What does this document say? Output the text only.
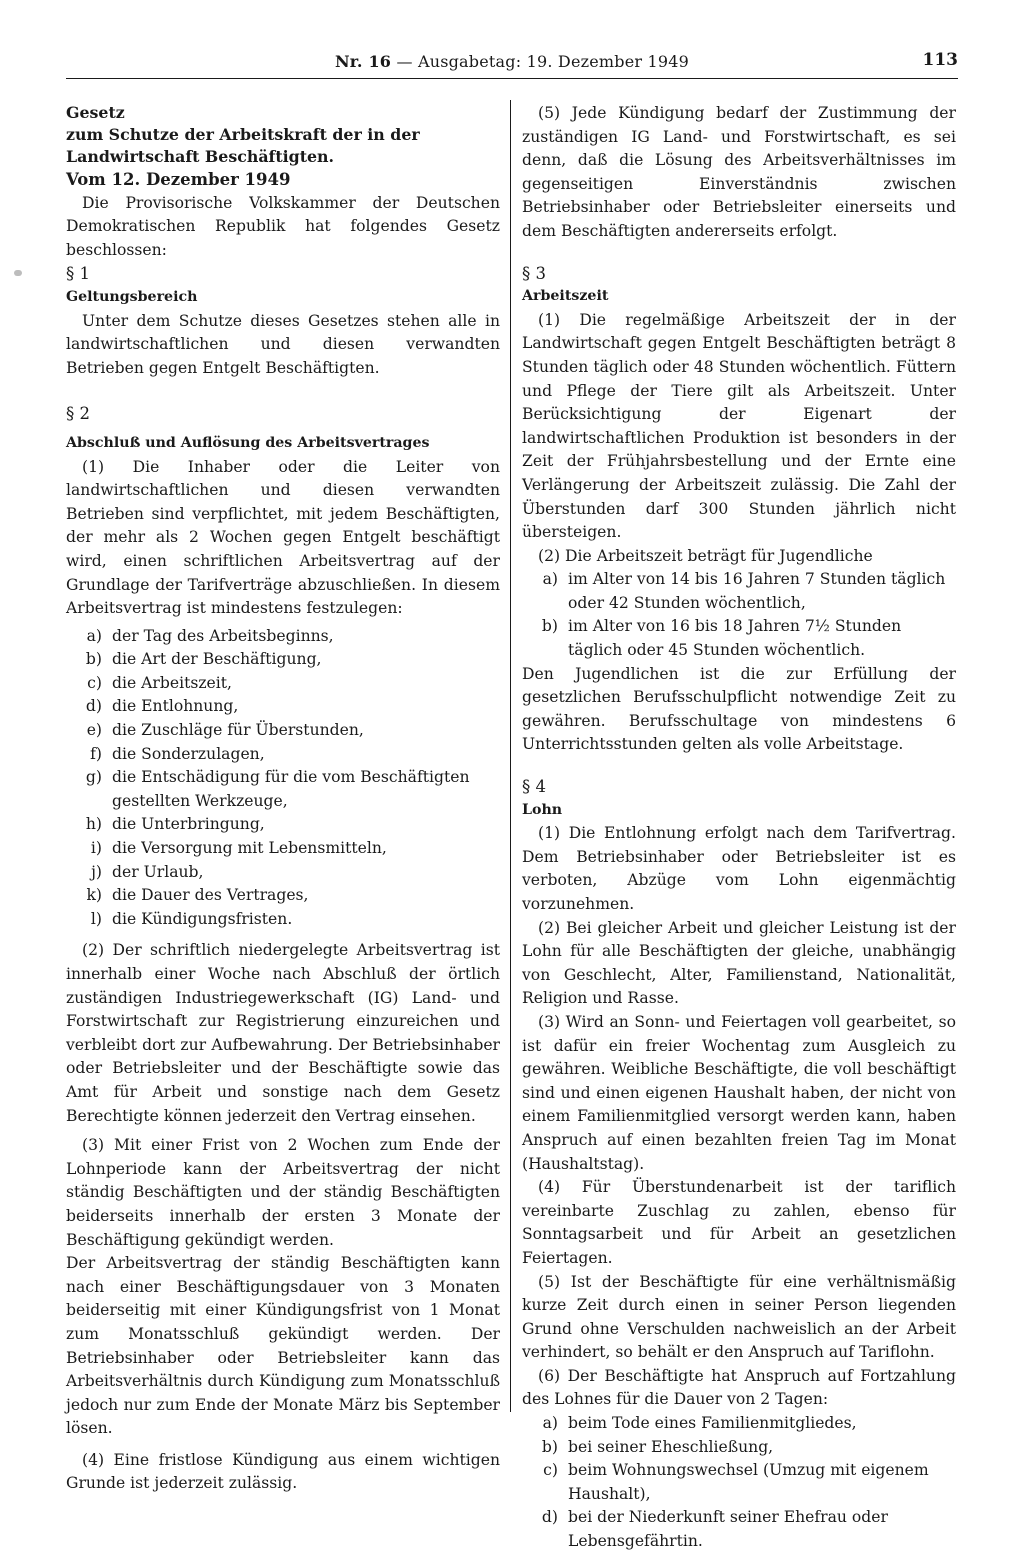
Nr. 16 — Ausgabetag: 19. Dezember 1949	113

Gesetz

zum Schutze der Arbeitskraft der in der

Landwirtschaft Beschäftigten.

Vom 12. Dezember 1949

Die Provisorische Volkskammer der Deutschen Demokratischen Republik hat folgendes Gesetz beschlossen:

§ 1

Geltungsbereich

Unter dem Schutze dieses Gesetzes stehen alle in landwirtschaftlichen und diesen verwandten Betrieben gegen Entgelt Beschäftigten.

§ 2

Abschluß und Auflösung des Arbeitsvertrages

(1) Die Inhaber oder die Leiter von landwirtschaftlichen und diesen verwandten Betrieben sind verpflichtet, mit jedem Beschäftigten, der mehr als 2 Wochen gegen Entgelt beschäftigt wird, einen schriftlichen Arbeitsvertrag auf der Grundlage der Tarifverträge abzuschließen. In diesem Arbeitsvertrag ist mindestens festzulegen:

a) der Tag des Arbeitsbeginns,
b) die Art der Beschäftigung,
c) die Arbeitszeit,
d) die Entlohnung,
e) die Zuschläge für Überstunden,
f) die Sonderzulagen,
g) die Entschädigung für die vom Beschäftigten gestellten Werkzeuge,
h) die Unterbringung,
i) die Versorgung mit Lebensmitteln,
j) der Urlaub,
k) die Dauer des Vertrages,
l) die Kündigungsfristen.

(2) Der schriftlich niedergelegte Arbeitsvertrag ist innerhalb einer Woche nach Abschluß der örtlich zuständigen Industriegewerkschaft (IG) Land- und Forstwirtschaft zur Registrierung einzureichen und verbleibt dort zur Aufbewahrung. Der Betriebsinhaber oder Betriebsleiter und der Beschäftigte sowie das Amt für Arbeit und sonstige nach dem Gesetz Berechtigte können jederzeit den Vertrag einsehen.

(3) Mit einer Frist von 2 Wochen zum Ende der Lohnperiode kann der Arbeitsvertrag der nicht ständig Beschäftigten und der ständig Beschäftigten beiderseits innerhalb der ersten 3 Monate der Beschäftigung gekündigt werden.

Der Arbeitsvertrag der ständig Beschäftigten kann nach einer Beschäftigungsdauer von 3 Monaten beiderseitig mit einer Kündigungsfrist von 1 Monat zum Monatsschluß gekündigt werden. Der Betriebsinhaber oder Betriebsleiter kann das Arbeitsverhältnis durch Kündigung zum Monatsschluß jedoch nur zum Ende der Monate März bis September lösen.

(4) Eine fristlose Kündigung aus einem wichtigen Grunde ist jederzeit zulässig.

(5) Jede Kündigung bedarf der Zustimmung der zuständigen IG Land- und Forstwirtschaft, es sei denn, daß die Lösung des Arbeitsverhältnisses im gegenseitigen Einverständnis zwischen Betriebsinhaber oder Betriebsleiter einerseits und dem Beschäftigten andererseits erfolgt.

§ 3

Arbeitszeit

(1) Die regelmäßige Arbeitszeit der in der Landwirtschaft gegen Entgelt Beschäftigten beträgt 8 Stunden täglich oder 48 Stunden wöchentlich. Füttern und Pflege der Tiere gilt als Arbeitszeit. Unter Berücksichtigung der Eigenart der landwirtschaftlichen Produktion ist besonders in der Zeit der Frühjahrsbestellung und der Ernte eine Verlängerung der Arbeitszeit zulässig. Die Zahl der Überstunden darf 300 Stunden jährlich nicht übersteigen.

(2) Die Arbeitszeit beträgt für Jugendliche

a) im Alter von 14 bis 16 Jahren 7 Stunden täglich oder 42 Stunden wöchentlich,
b) im Alter von 16 bis 18 Jahren 7½ Stunden täglich oder 45 Stunden wöchentlich.

Den Jugendlichen ist die zur Erfüllung der gesetzlichen Berufsschulpflicht notwendige Zeit zu gewähren. Berufsschultage von mindestens 6 Unterrichtsstunden gelten als volle Arbeitstage.

§ 4

Lohn

(1) Die Entlohnung erfolgt nach dem Tarifvertrag. Dem Betriebsinhaber oder Betriebsleiter ist es verboten, Abzüge vom Lohn eigenmächtig vorzunehmen.

(2) Bei gleicher Arbeit und gleicher Leistung ist der Lohn für alle Beschäftigten der gleiche, unabhängig von Geschlecht, Alter, Familienstand, Nationalität, Religion und Rasse.

(3) Wird an Sonn- und Feiertagen voll gearbeitet, so ist dafür ein freier Wochentag zum Ausgleich zu gewähren. Weibliche Beschäftigte, die voll beschäftigt sind und einen eigenen Haushalt haben, der nicht von einem Familienmitglied versorgt werden kann, haben Anspruch auf einen bezahlten freien Tag im Monat (Haushaltstag).

(4) Für Überstundenarbeit ist der tariflich vereinbarte Zuschlag zu zahlen, ebenso für Sonntagsarbeit und für Arbeit an gesetzlichen Feiertagen.

(5) Ist der Beschäftigte für eine verhältnismäßig kurze Zeit durch einen in seiner Person liegenden Grund ohne Verschulden nachweislich an der Arbeit verhindert, so behält er den Anspruch auf Tariflohn.

(6) Der Beschäftigte hat Anspruch auf Fortzahlung des Lohnes für die Dauer von 2 Tagen:

a) beim Tode eines Familienmitgliedes,
b) bei seiner Eheschließung,
c) beim Wohnungswechsel (Umzug mit eigenem Haushalt),
d) bei der Niederkunft seiner Ehefrau oder Lebensgefährtin.
